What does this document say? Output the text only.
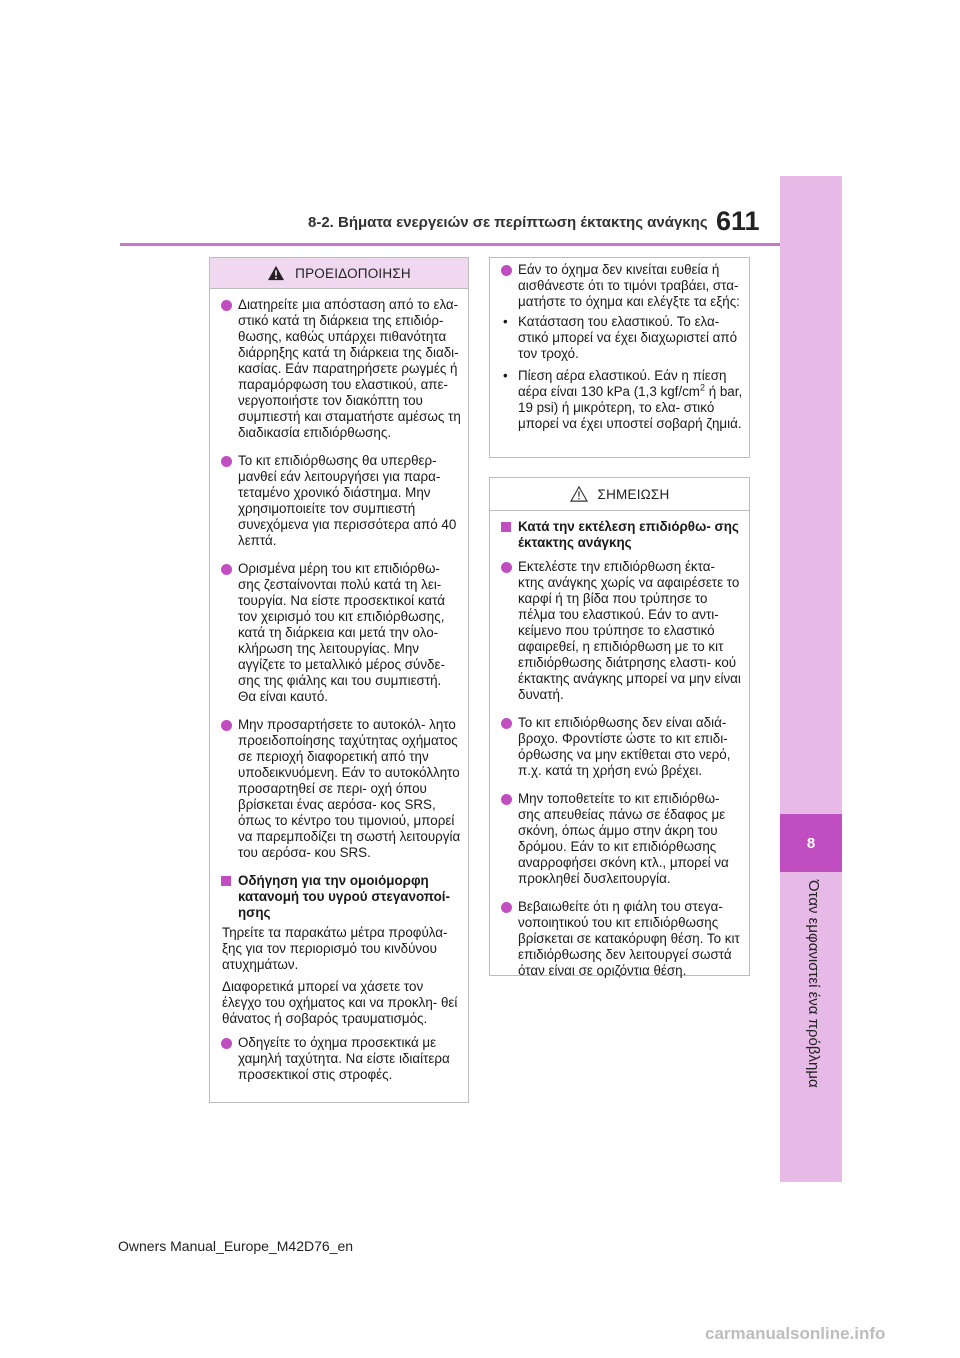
8-2. Βήματα ενεργειών σε περίπτωση έκτακτης ανάγκης 611
8
Όταν εμφανιστεί ένα πρόβλημα
ΠΡΟΕΙΔΟΠΟΙΗΣΗ
Διατηρείτε μια απόσταση από το ελα- στικό κατά τη διάρκεια της επιδιόρ- θωσης, καθώς υπάρχει πιθανότητα διάρρηξης κατά τη διάρκεια της διαδι- κασίας. Εάν παρατηρήσετε ρωγμές ή παραμόρφωση του ελαστικού, απε- νεργοποιήστε τον διακόπτη του συμπιεστή και σταματήστε αμέσως τη διαδικασία επιδιόρθωσης.
Το κιτ επιδιόρθωσης θα υπερθερ- μανθεί εάν λειτουργήσει για παρα- τεταμένο χρονικό διάστημα. Μην χρησιμοποιείτε τον συμπιεστή συνεχόμενα για περισσότερα από 40 λεπτά.
Ορισμένα μέρη του κιτ επιδιόρθω- σης ζεσταίνονται πολύ κατά τη λει- τουργία. Να είστε προσεκτικοί κατά τον χειρισμό του κιτ επιδιόρθωσης, κατά τη διάρκεια και μετά την ολο- κλήρωση της λειτουργίας. Μην αγγίζετε το μεταλλικό μέρος σύνδε- σης της φιάλης και του συμπιεστή. Θα είναι καυτό.
Μην προσαρτήσετε το αυτοκόλ- λητο προειδοποίησης ταχύτητας οχήματος σε περιοχή διαφορετική από την υποδεικνυόμενη. Εάν το αυτοκόλλητο προσαρτηθεί σε περι- οχή όπου βρίσκεται ένας αερόσα- κος SRS, όπως το κέντρο του τιμονιού, μπορεί να παρεμποδίζει τη σωστή λειτουργία του αερόσα- κου SRS.
Οδήγηση για την ομοιόμορφη κατανομή του υγρού στεγανοποί- ησης
Τηρείτε τα παρακάτω μέτρα προφύλα- ξης για τον περιορισμό του κινδύνου ατυχημάτων.
Διαφορετικά μπορεί να χάσετε τον έλεγχο του οχήματος και να προκλη- θεί θάνατος ή σοβαρός τραυματισμός.
Οδηγείτε το όχημα προσεκτικά με χαμηλή ταχύτητα. Να είστε ιδιαίτερα προσεκτικοί στις στροφές.
Εάν το όχημα δεν κινείται ευθεία ή αισθάνεστε ότι το τιμόνι τραβάει, στα- ματήστε το όχημα και ελέγξτε τα εξής:
• Κατάσταση του ελαστικού. Το ελα- στικό μπορεί να έχει διαχωριστεί από τον τροχό.
• Πίεση αέρα ελαστικού. Εάν η πίεση αέρα είναι 130 kPa (1,3 kgf/$cm^2$ ή bar, 19 psi) ή μικρότερη, το ελα- στικό μπορεί να έχει υποστεί σοβαρή ζημιά.
ΣΗΜΕΙΩΣΗ
Κατά την εκτέλεση επιδιόρθω- σης έκτακτης ανάγκης
Εκτελέστε την επιδιόρθωση έκτα- κτης ανάγκης χωρίς να αφαιρέσετε το καρφί ή τη βίδα που τρύπησε το πέλμα του ελαστικού. Εάν το αντι- κείμενο που τρύπησε το ελαστικό αφαιρεθεί, η επιδιόρθωση με το κιτ επιδιόρθωσης διάτρησης ελαστι- κού έκτακτης ανάγκης μπορεί να μην είναι δυνατή.
Το κιτ επιδιόρθωσης δεν είναι αδιά- βροχο. Φροντίστε ώστε το κιτ επιδι- όρθωσης να μην εκτίθεται στο νερό, π.χ. κατά τη χρήση ενώ βρέχει.
Μην τοποθετείτε το κιτ επιδιόρθω- σης απευθείας πάνω σε έδαφος με σκόνη, όπως άμμο στην άκρη του δρόμου. Εάν το κιτ επιδιόρθωσης αναρροφήσει σκόνη κτλ., μπορεί να προκληθεί δυσλειτουργία.
Βεβαιωθείτε ότι η φιάλη του στεγα- νοποιητικού του κιτ επιδιόρθωσης βρίσκεται σε κατακόρυφη θέση. Το κιτ επιδιόρθωσης δεν λειτουργεί σωστά όταν είναι σε οριζόντια θέση.
Owners Manual_Europe_M42D76_en
carmanualsonline.info
